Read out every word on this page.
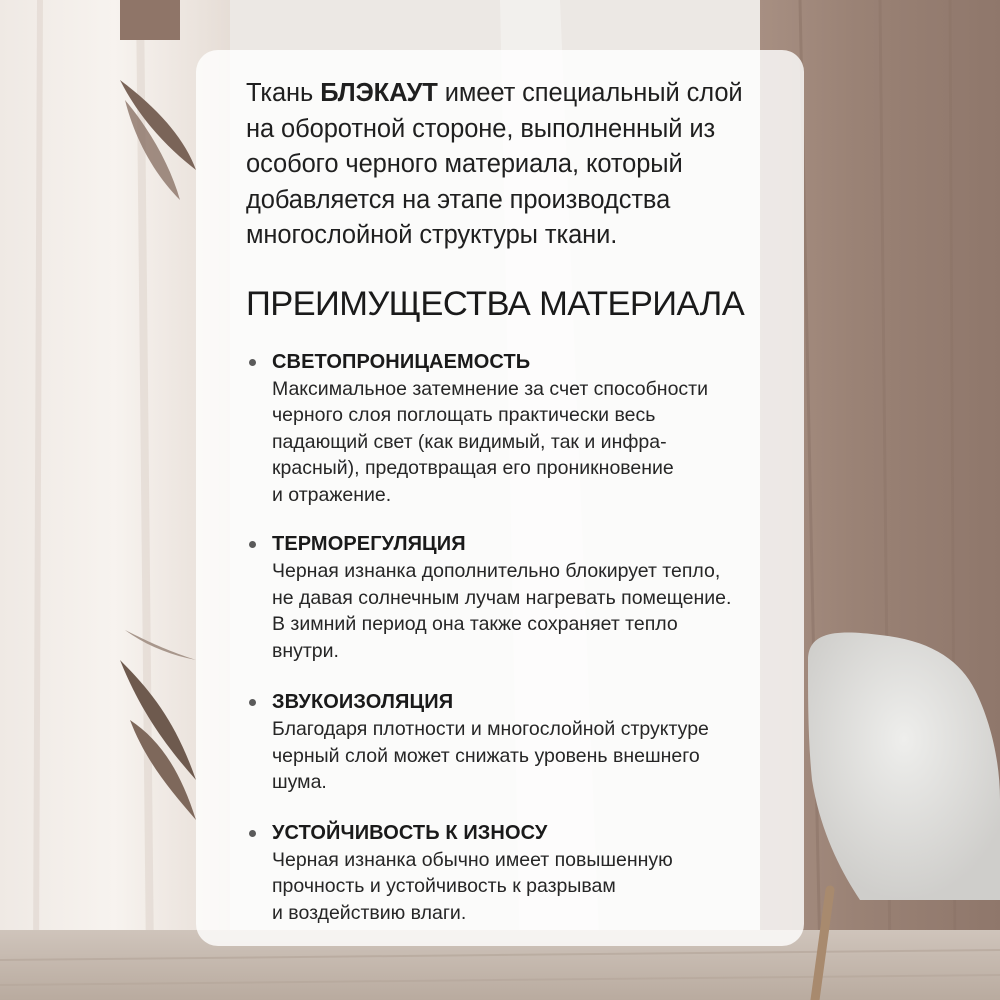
Ткань БЛЭКАУТ имеет специальный слой на оборотной стороне, выполненный из особого черного материала, который добавляется на этапе производства многослойной структуры ткани.

ПРЕИМУЩЕСТВА МАТЕРИАЛА
СВЕТОПРОНИЦАЕМОСТЬ
Максимальное затемнение за счет способности
черного слоя поглощать практически весь
падающий свет (как видимый, так и инфра-
красный), предотвращая его проникновение
и отражение.
ТЕРМОРЕГУЛЯЦИЯ
Черная изнанка дополнительно блокирует тепло,
не давая солнечным лучам нагревать помещение.
В зимний период она также сохраняет тепло
внутри.
ЗВУКОИЗОЛЯЦИЯ
Благодаря плотности и многослойной структуре
черный слой может снижать уровень внешнего
шума.
УСТОЙЧИВОСТЬ К ИЗНОСУ
Черная изнанка обычно имеет повышенную
прочность и устойчивость к разрывам
и воздействию влаги.
